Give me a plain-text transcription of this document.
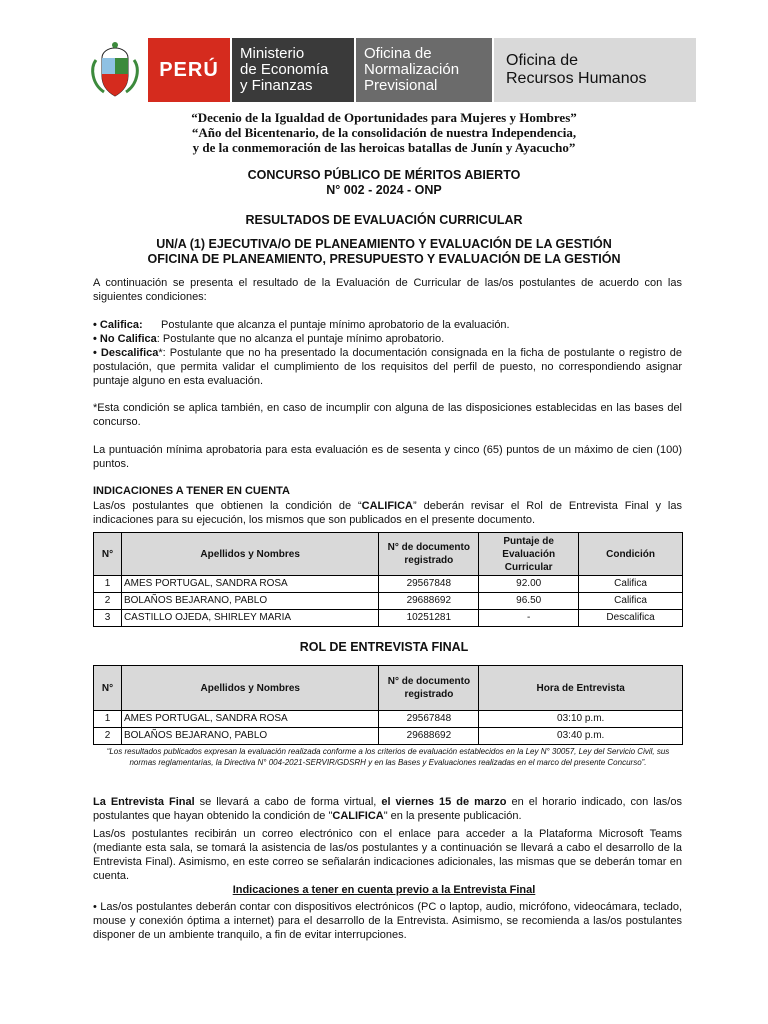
PERÚ
Ministerio
de Economía
y Finanzas
Oficina de
Normalización
Previsional
Oficina de
Recursos Humanos
“Decenio de la Igualdad de Oportunidades para Mujeres y Hombres”
“Año del Bicentenario, de la consolidación de nuestra Independencia,
y de la conmemoración de las heroicas batallas de Junín y Ayacucho”
CONCURSO PÚBLICO DE MÉRITOS ABIERTO
N° 002 - 2024 - ONP
RESULTADOS DE EVALUACIÓN CURRICULAR
UN/A (1) EJECUTIVA/O DE PLANEAMIENTO Y EVALUACIÓN DE LA GESTIÓN
OFICINA DE PLANEAMIENTO, PRESUPUESTO Y EVALUACIÓN DE LA GESTIÓN
A continuación se presenta el resultado de la Evaluación de Curricular de las/os postulantes de acuerdo con las siguientes condiciones:
• Califica: Postulante que alcanza el puntaje mínimo aprobatorio de la evaluación.
• No Califica: Postulante que no alcanza el puntaje mínimo aprobatorio.
• Descalifica*: Postulante que no ha presentado la documentación consignada en la ficha de postulante o registro de postulación, que permita validar el cumplimiento de los requisitos del perfil de puesto, no correspondiendo asignar puntaje alguno en esta evaluación.
*Esta condición se aplica también, en caso de incumplir con alguna de las disposiciones establecidas en las bases del concurso.
La puntuación mínima aprobatoria para esta evaluación es de sesenta y cinco (65) puntos de un máximo de cien (100) puntos.
INDICACIONES A TENER EN CUENTA
Las/os postulantes que obtienen la condición de “CALIFICA” deberán revisar el Rol de Entrevista Final y las indicaciones para su ejecución, los mismos que son publicados en el presente documento.
N°	Apellidos y Nombres	N° de documento registrado	Puntaje de Evaluación Curricular	Condición
1	AMES PORTUGAL, SANDRA ROSA	29567848	92.00	Califica
2	BOLAÑOS BEJARANO, PABLO	29688692	96.50	Califica
3	CASTILLO OJEDA, SHIRLEY MARIA	10251281	-	Descalifica
ROL DE ENTREVISTA FINAL
N°	Apellidos y Nombres	N° de documento registrado	Hora de Entrevista
1	AMES PORTUGAL, SANDRA ROSA	29567848	03:10 p.m.
2	BOLAÑOS BEJARANO, PABLO	29688692	03:40 p.m.
“Los resultados publicados expresan la evaluación realizada conforme a los criterios de evaluación establecidos en la Ley N° 30057, Ley del Servicio Civil, sus normas reglamentarias, la Directiva N° 004-2021-SERVIR/GDSRH y en las Bases y Evaluaciones realizadas en el marco del presente Concurso”.
La Entrevista Final se llevará a cabo de forma virtual, el viernes 15 de marzo en el horario indicado, con las/os postulantes que hayan obtenido la condición de "CALIFICA" en la presente publicación.
Las/os postulantes recibirán un correo electrónico con el enlace para acceder a la Plataforma Microsoft Teams (mediante esta sala, se tomará la asistencia de las/os postulantes y a continuación se llevará a cabo el desarrollo de la Entrevista Final). Asimismo, en este correo se señalarán indicaciones adicionales, las mismas que se deberán tomar en cuenta.
Indicaciones a tener en cuenta previo a la Entrevista Final
• Las/os postulantes deberán contar con dispositivos electrónicos (PC o laptop, audio, micrófono, videocámara, teclado, mouse y conexión óptima a internet) para el desarrollo de la Entrevista. Asimismo, se recomienda a las/os postulantes disponer de un ambiente tranquilo, a fin de evitar interrupciones.
